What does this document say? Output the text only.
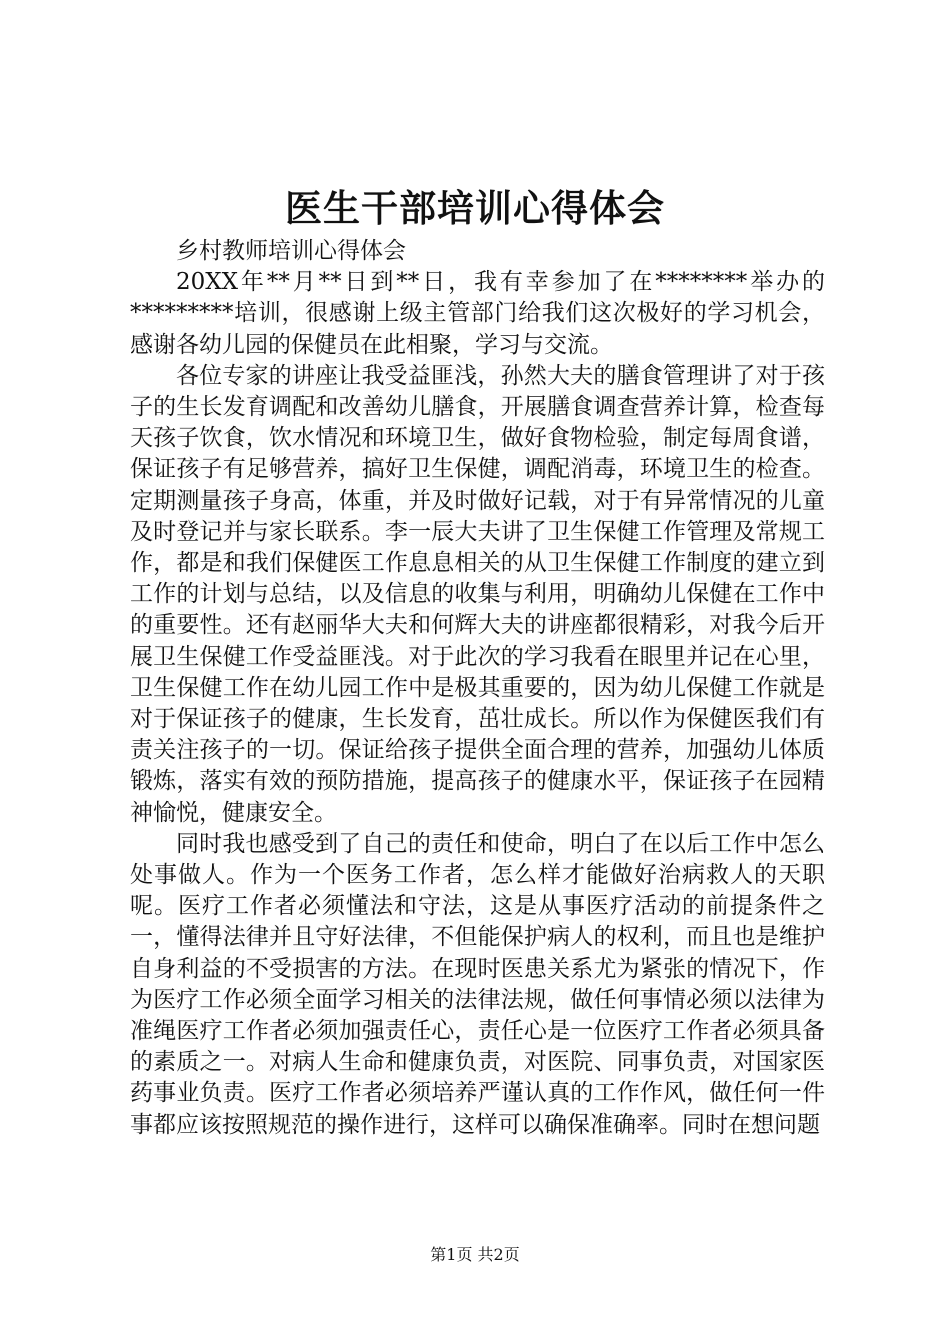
医生干部培训心得体会

乡村教师培训心得体会

20XX年**月**日到**日，我有幸参加了在********举办的*********培训，很感谢上级主管部门给我们这次极好的学习机会，感谢各幼儿园的保健员在此相聚，学习与交流。

各位专家的讲座让我受益匪浅，孙然大夫的膳食管理讲了对于孩子的生长发育调配和改善幼儿膳食，开展膳食调查营养计算，检查每天孩子饮食，饮水情况和环境卫生，做好食物检验，制定每周食谱，保证孩子有足够营养，搞好卫生保健，调配消毒，环境卫生的检查。定期测量孩子身高，体重，并及时做好记载，对于有异常情况的儿童及时登记并与家长联系。李一辰大夫讲了卫生保健工作管理及常规工作，都是和我们保健医工作息息相关的从卫生保健工作制度的建立到工作的计划与总结，以及信息的收集与利用，明确幼儿保健在工作中的重要性。还有赵丽华大夫和何辉大夫的讲座都很精彩，对我今后开展卫生保健工作受益匪浅。对于此次的学习我看在眼里并记在心里，卫生保健工作在幼儿园工作中是极其重要的，因为幼儿保健工作就是对于保证孩子的健康，生长发育，茁壮成长。所以作为保健医我们有责关注孩子的一切。保证给孩子提供全面合理的营养，加强幼儿体质锻炼，落实有效的预防措施，提高孩子的健康水平，保证孩子在园精神愉悦，健康安全。

同时我也感受到了自己的责任和使命，明白了在以后工作中怎么处事做人。作为一个医务工作者，怎么样才能做好治病救人的天职呢。医疗工作者必须懂法和守法，这是从事医疗活动的前提条件之一，懂得法律并且守好法律，不但能保护病人的权利，而且也是维护自身利益的不受损害的方法。在现时医患关系尤为紧张的情况下，作为医疗工作必须全面学习相关的法律法规，做任何事情必须以法律为准绳医疗工作者必须加强责任心，责任心是一位医疗工作者必须具备的素质之一。对病人生命和健康负责，对医院、同事负责，对国家医药事业负责。医疗工作者必须培养严谨认真的工作作风，做任何一件事都应该按照规范的操作进行，这样可以确保准确率。同时在想问题

第1页 共2页
